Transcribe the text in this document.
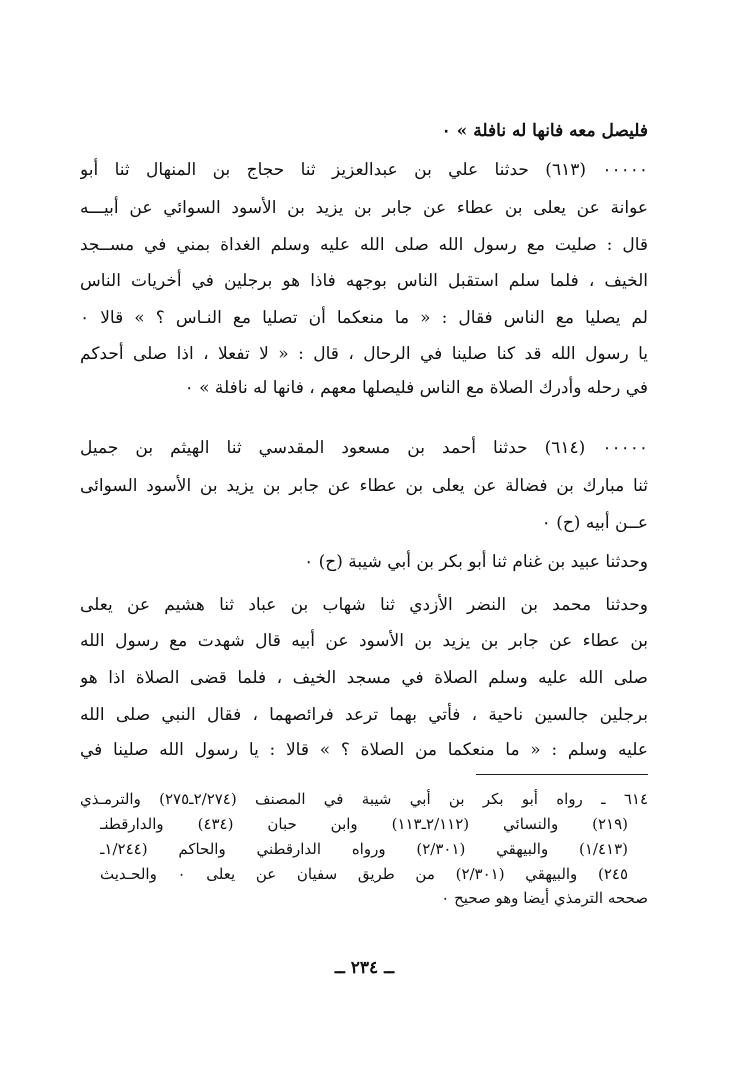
فليصل معه فانها له نافلة » ٠
٠٠٠٠٠ (٦١٣) حدثنا علي بن عبدالعزيز ثنا حجاج بن المنهال ثنا أبو
عوانة عن يعلى بن عطاء عن جابر بن يزيد بن الأسود السوائي عن أبيـــه
قال : صليت مع رسول الله صلى الله عليه وسلم الغداة بمني في مســجد
الخيف ، فلما سلم استقبل الناس بوجهه فاذا هو برجلين في أخريات الناس
لم يصليا مع الناس فقال : « ما منعكما أن تصليا مع النـاس ؟ » قالا ٠
يا رسول الله قد كنا صلينا في الرحال ، قال : « لا تفعلا ، اذا صلى أحدكم
في رحله وأدرك الصلاة مع الناس فليصلها معهم ، فانها له نافلة » ٠
٠٠٠٠٠ (٦١٤) حدثنا أحمد بن مسعود المقدسي ثنا الهيثم بن جميل
ثنا مبارك بن فضالة عن يعلى بن عطاء عن جابر بن يزيد بن الأسود السوائى
عــن أبيه (ح) ٠
وحدثنا عبيد بن غنام ثنا أبو بكر بن أبي شيبة (ح) ٠
وحدثنا محمد بن النضر الأزدي ثنا شهاب بن عباد ثنا هشيم عن يعلى
بن عطاء عن جابر بن يزيد بن الأسود عن أبيه قال شهدت مع رسول الله
صلى الله عليه وسلم الصلاة في مسجد الخيف ، فلما قضى الصلاة اذا هو
برجلين جالسين ناحية ، فأتي بهما ترعد فرائصهما ، فقال النبي صلى الله
عليه وسلم : « ما منعكما من الصلاة ؟ » قالا : يا رسول الله صلينا في
٦١٤ ـ رواه أبو بكر بن أبي شيبة في المصنف (٢/٢٧٤ـ٢٧٥) والترمـذي
(٢١٩) والنسائي (٢/١١٢ـ١١٣) وابن حبان (٤٣٤) والدارقطنـ
(١/٤١٣) والبيهقي (٢/٣٠١) ورواه الدارقطني والحاكم (١/٢٤٤ـ
٢٤٥) والبيهقي (٢/٣٠١) من طريق سفيان عن يعلى ٠ والحـديث
صححه الترمذي أيضا وهو صحيح ٠
ــ ٢٣٤ ــ
